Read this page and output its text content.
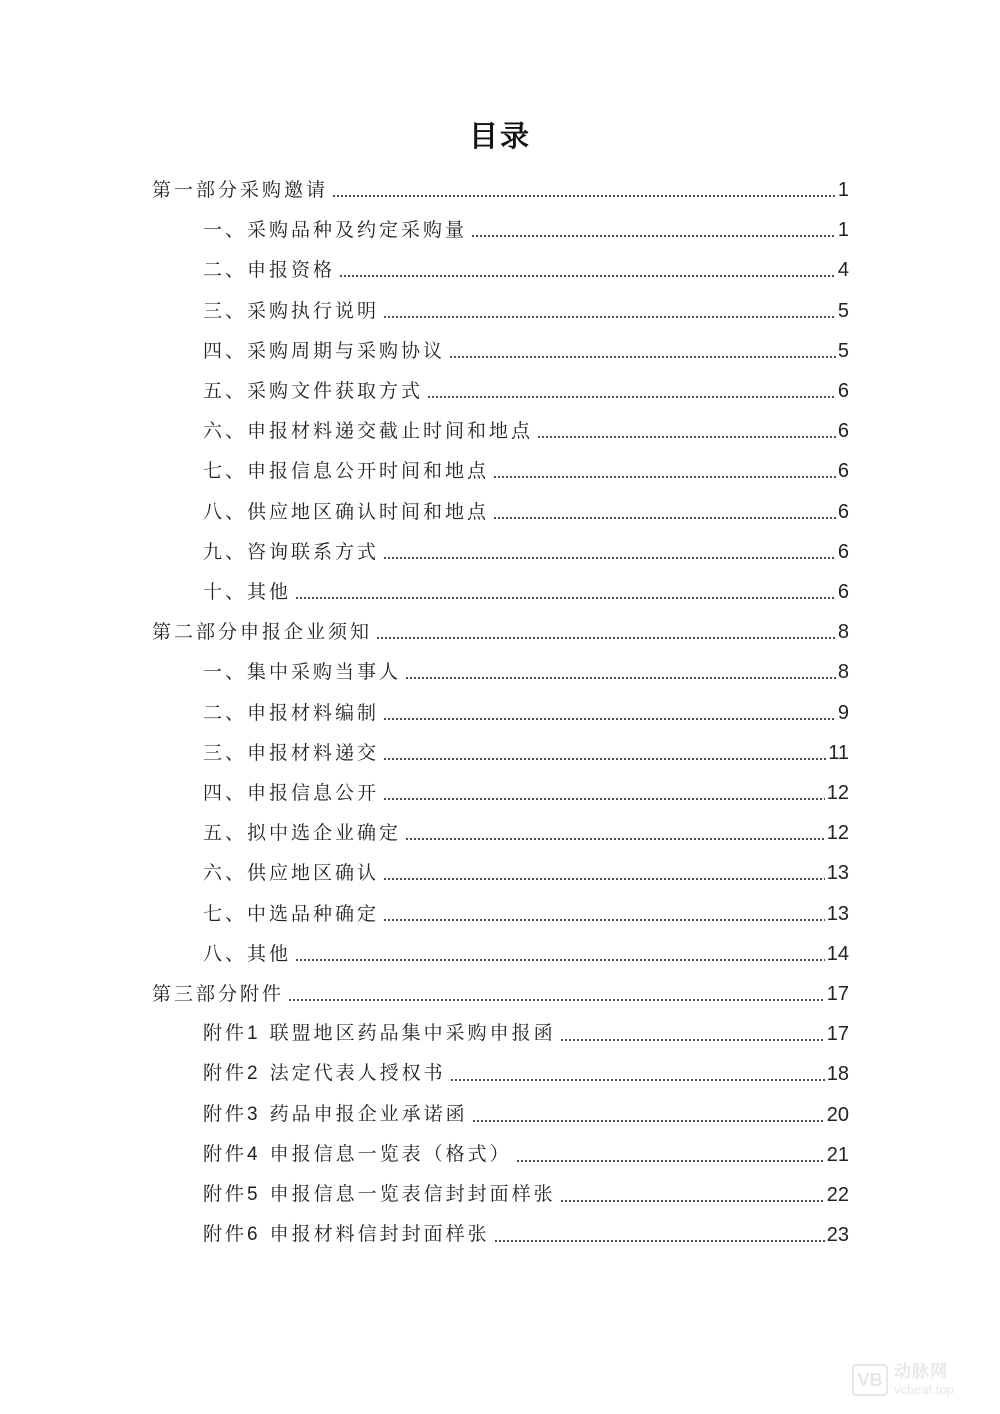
目录
第一部分采购邀请	1
一、采购品种及约定采购量	1
二、申报资格	4
三、采购执行说明	5
四、采购周期与采购协议	5
五、采购文件获取方式	6
六、申报材料递交截止时间和地点	6
七、申报信息公开时间和地点	6
八、供应地区确认时间和地点	6
九、咨询联系方式	6
十、其他	6
第二部分申报企业须知	8
一、集中采购当事人	8
二、申报材料编制	9
三、申报材料递交	11
四、申报信息公开	12
五、拟中选企业确定	12
六、供应地区确认	13
七、中选品种确定	13
八、其他	14
第三部分附件	17
附件1 联盟地区药品集中采购申报函	17
附件2 法定代表人授权书	18
附件3 药品申报企业承诺函	20
附件4 申报信息一览表（格式）	21
附件5 申报信息一览表信封封面样张	22
附件6 申报材料信封封面样张	23
VB 动脉网
vcbeat.top
